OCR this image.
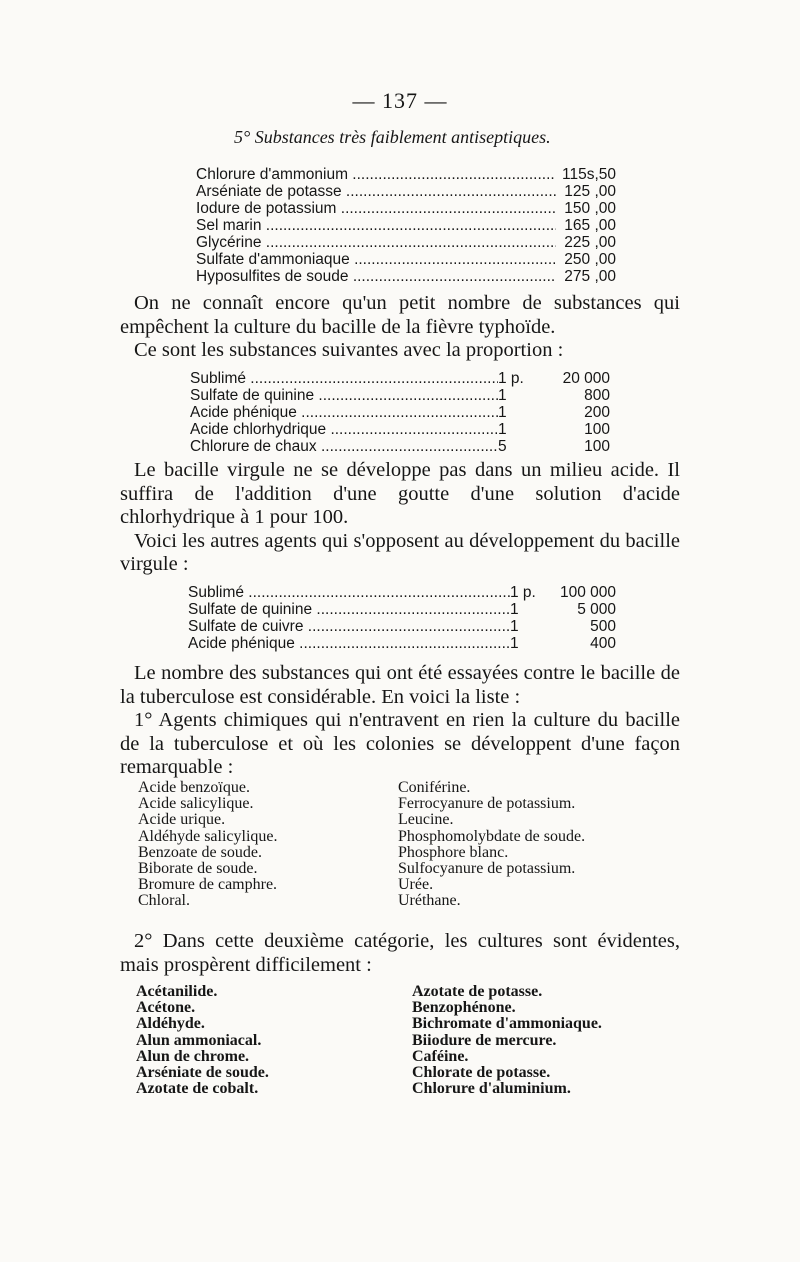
— 137 —
5° Substances très faiblement antiseptiques.
Chlorure d'ammonium .....	115s,50
Arséniate de potasse .....	125 ,00
Iodure de potassium .....	150 ,00
Sel marin .....	165 ,00
Glycérine .....	225 ,00
Sulfate d'ammoniaque .....	250 ,00
Hyposulfites de soude .....	275 ,00

On ne connaît encore qu'un petit nombre de substances qui empêchent la culture du bacille de la fièvre typhoïde.

Ce sont les substances suivantes avec la proportion :

Sublimé .....	1 p.	20 000
Sulfate de quinine .....	1	800
Acide phénique .....	1	200
Acide chlorhydrique .....	1	100
Chlorure de chaux .....	5	100

Le bacille virgule ne se développe pas dans un milieu acide. Il suffira de l'addition d'une goutte d'une solution d'acide chlorhydrique à 1 pour 100.

Voici les autres agents qui s'opposent au développement du bacille virgule :

Sublimé .....	1 p.	100 000
Sulfate de quinine .....	1	5 000
Sulfate de cuivre .....	1	500
Acide phénique .....	1	400

Le nombre des substances qui ont été essayées contre le bacille de la tuberculose est considérable. En voici la liste :

1° Agents chimiques qui n'entravent en rien la culture du bacille de la tuberculose et où les colonies se développent d'une façon remarquable :

Acide benzoïque.
Acide salicylique.
Acide urique.
Aldéhyde salicylique.
Benzoate de soude.
Biborate de soude.
Bromure de camphre.
Chloral.
Coniférine.
Ferrocyanure de potassium.
Leucine.
Phosphomolybdate de soude.
Phosphore blanc.
Sulfocyanure de potassium.
Urée.
Uréthane.

2° Dans cette deuxième catégorie, les cultures sont évidentes, mais prospèrent difficilement :

Acétanilide.
Acétone.
Aldéhyde.
Alun ammoniacal.
Alun de chrome.
Arséniate de soude.
Azotate de cobalt.
Azotate de potasse.
Benzophénone.
Bichromate d'ammoniaque.
Biiodure de mercure.
Caféine.
Chlorate de potasse.
Chlorure d'aluminium.
